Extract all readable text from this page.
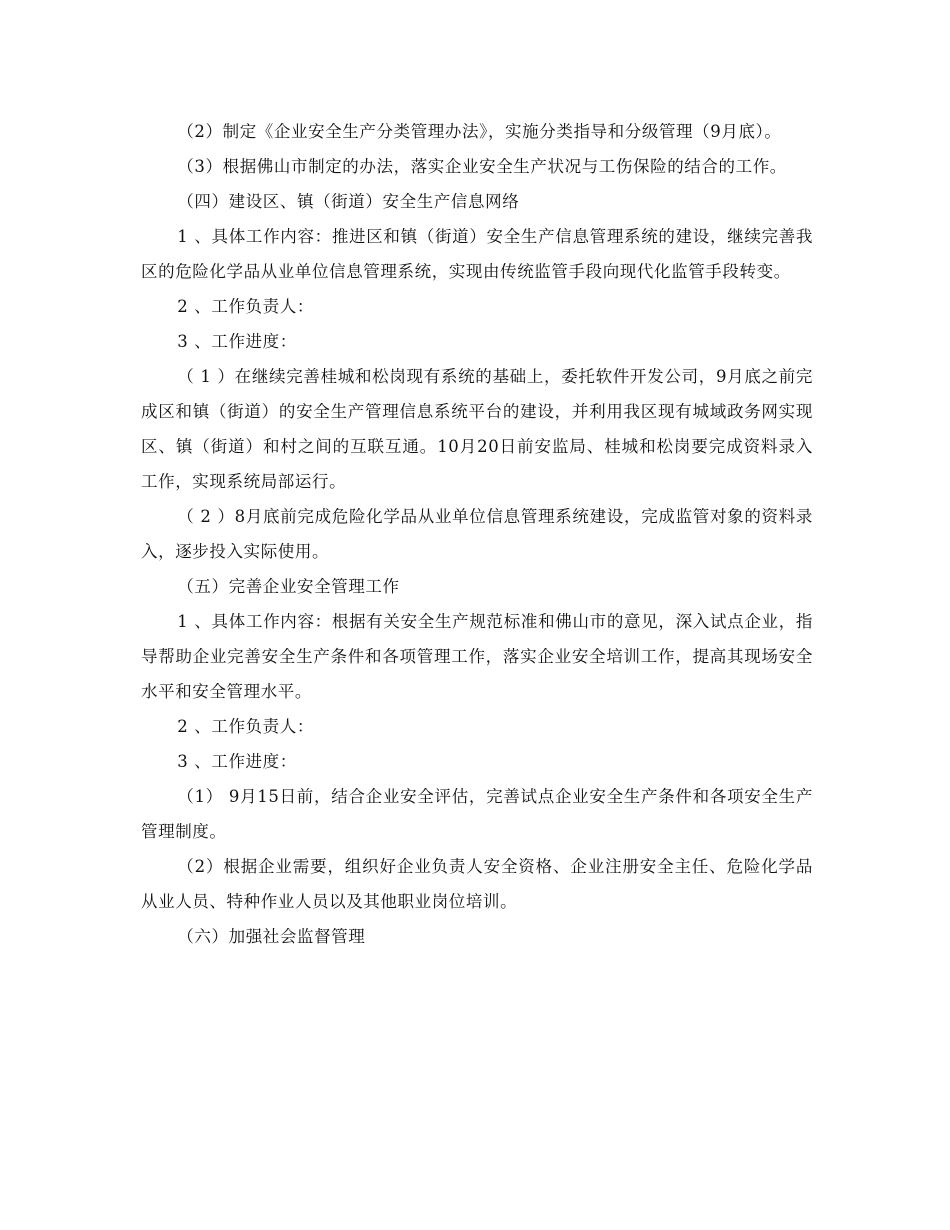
（2）制定《企业安全生产分类管理办法》，实施分类指导和分级管理（9月底）。

（3）根据佛山市制定的办法，落实企业安全生产状况与工伤保险的结合的工作。

（四）建设区、镇（街道）安全生产信息网络

1 、具体工作内容：推进区和镇（街道）安全生产信息管理系统的建设，继续完善我区的危险化学品从业单位信息管理系统，实现由传统监管手段向现代化监管手段转变。

2 、工作负责人：

3 、工作进度：

（ 1 ）在继续完善桂城和松岗现有系统的基础上，委托软件开发公司，9月底之前完成区和镇（街道）的安全生产管理信息系统平台的建设，并利用我区现有城域政务网实现区、镇（街道）和村之间的互联互通。10月20日前安监局、桂城和松岗要完成资料录入工作，实现系统局部运行。

（ 2 ）8月底前完成危险化学品从业单位信息管理系统建设，完成监管对象的资料录入，逐步投入实际使用。

（五）完善企业安全管理工作

1 、具体工作内容：根据有关安全生产规范标准和佛山市的意见，深入试点企业，指导帮助企业完善安全生产条件和各项管理工作，落实企业安全培训工作，提高其现场安全水平和安全管理水平。

2 、工作负责人：

3 、工作进度：

（1） 9月15日前，结合企业安全评估，完善试点企业安全生产条件和各项安全生产管理制度。

（2）根据企业需要，组织好企业负责人安全资格、企业注册安全主任、危险化学品从业人员、特种作业人员以及其他职业岗位培训。

（六）加强社会监督管理
